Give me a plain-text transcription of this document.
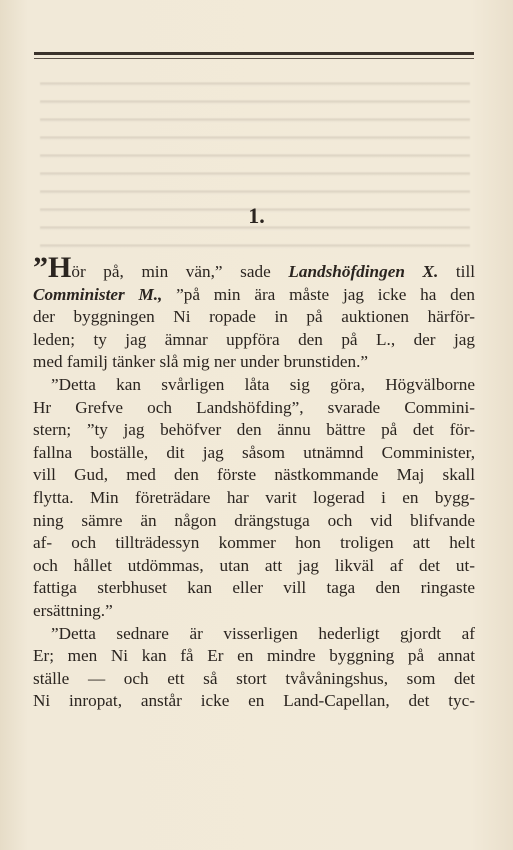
1.
”Hör på, min vän,” sade Landshöfdingen X. till
Comminister M., ”på min ära måste jag icke ha den
der byggningen Ni ropade in på auktionen härför-
leden; ty jag ämnar uppföra den på L., der jag
med familj tänker slå mig ner under brunstiden.”
”Detta kan svårligen låta sig göra, Högvälborne
Hr Grefve och Landshöfding”, svarade Commini-
stern; ”ty jag behöfver den ännu bättre på det för-
fallna boställe, dit jag såsom utnämnd Comminister,
vill Gud, med den förste nästkommande Maj skall
flytta. Min företrädare har varit logerad i en bygg-
ning sämre än någon drängstuga och vid blifvande
af- och tillträdessyn kommer hon troligen att helt
och hållet utdömmas, utan att jag likväl af det ut-
fattiga sterbhuset kan eller vill taga den ringaste
ersättning.”
”Detta sednare är visserligen hederligt gjordt af
Er; men Ni kan få Er en mindre byggning på annat
ställe — och ett så stort tvåvåningshus, som det
Ni inropat, anstår icke en Land-Capellan, det tyc-
